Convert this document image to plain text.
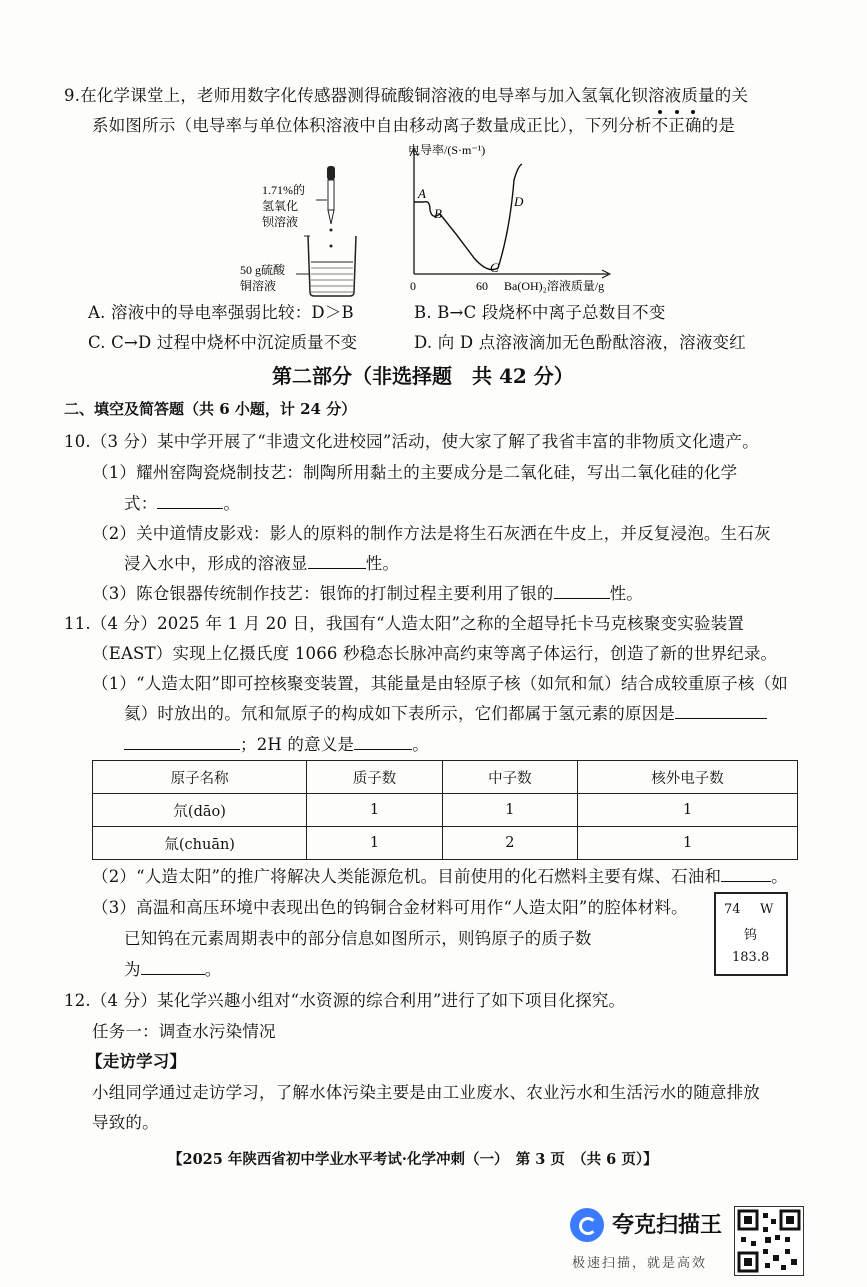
9.在化学课堂上，老师用数字化传感器测得硫酸铜溶液的电导率与加入氢氧化钡溶液质量的关
系如图所示（电导率与单位体积溶液中自由移动离子数量成正比），下列分析不
正
确
的是
1.71%的
氢氧化
钡溶液
50 g硫酸
铜溶液
电导率/(S·m⁻¹)
A
B
C
D
0	60 Ba(OH)₂溶液质量/g
A. 溶液中的导电率强弱比较：D＞B	B. B→C 段烧杯中离子总数目不变
C. C→D 过程中烧杯中沉淀质量不变	D. 向 D 点溶液滴加无色酚酞溶液，溶液变红
第二部分（非选择题　共 42 分）
二、填空及简答题（共 6 小题，计 24 分）
10.（3 分）某中学开展了“非遗文化进校园”活动，使大家了解了我省丰富的非物质文化遗产。
（1）耀州窑陶瓷烧制技艺：制陶所用黏土的主要成分是二氧化硅，写出二氧化硅的化学
式：	。
（2）关中道情皮影戏：影人的原料的制作方法是将生石灰洒在牛皮上，并反复浸泡。生石灰
浸入水中，形成的溶液显	性。
（3）陈仓银器传统制作技艺：银饰的打制过程主要利用了银的	性。
11.（4 分）2025 年 1 月 20 日，我国有“人造太阳”之称的全超导托卡马克核聚变实验装置
（EAST）实现上亿摄氏度 1066 秒稳态长脉冲高约束等离子体运行，创造了新的世界纪录。
（1）“人造太阳”即可控核聚变装置，其能量是由轻原子核（如氘和氚）结合成较重原子核（如
氦）时放出的。氘和氚原子的构成如下表所示，它们都属于氢元素的原因是
；2H 的意义是	。
原子名称	质子数	中子数	核外电子数
氘(dāo)	1	1	1
氚(chuān)	1	2	1
（2）“人造太阳”的推广将解决人类能源危机。目前使用的化石燃料主要有煤、石油和	。
（3）高温和高压环境中表现出色的钨铜合金材料可用作“人造太阳”的腔体材料。
已知钨在元素周期表中的部分信息如图所示，则钨原子的质子数
为	。
74 W
钨
183.8
12.（4 分）某化学兴趣小组对“水资源的综合利用”进行了如下项目化探究。
任务一：调查水污染情况
【走访学习】
小组同学通过走访学习，了解水体污染主要是由工业废水、农业污水和生活污水的随意排放
导致的。
【2025 年陕西省初中学业水平考试·化学冲刺（一）　第 3 页　（共 6 页）】
夸克扫描王
极速扫描，就是高效
